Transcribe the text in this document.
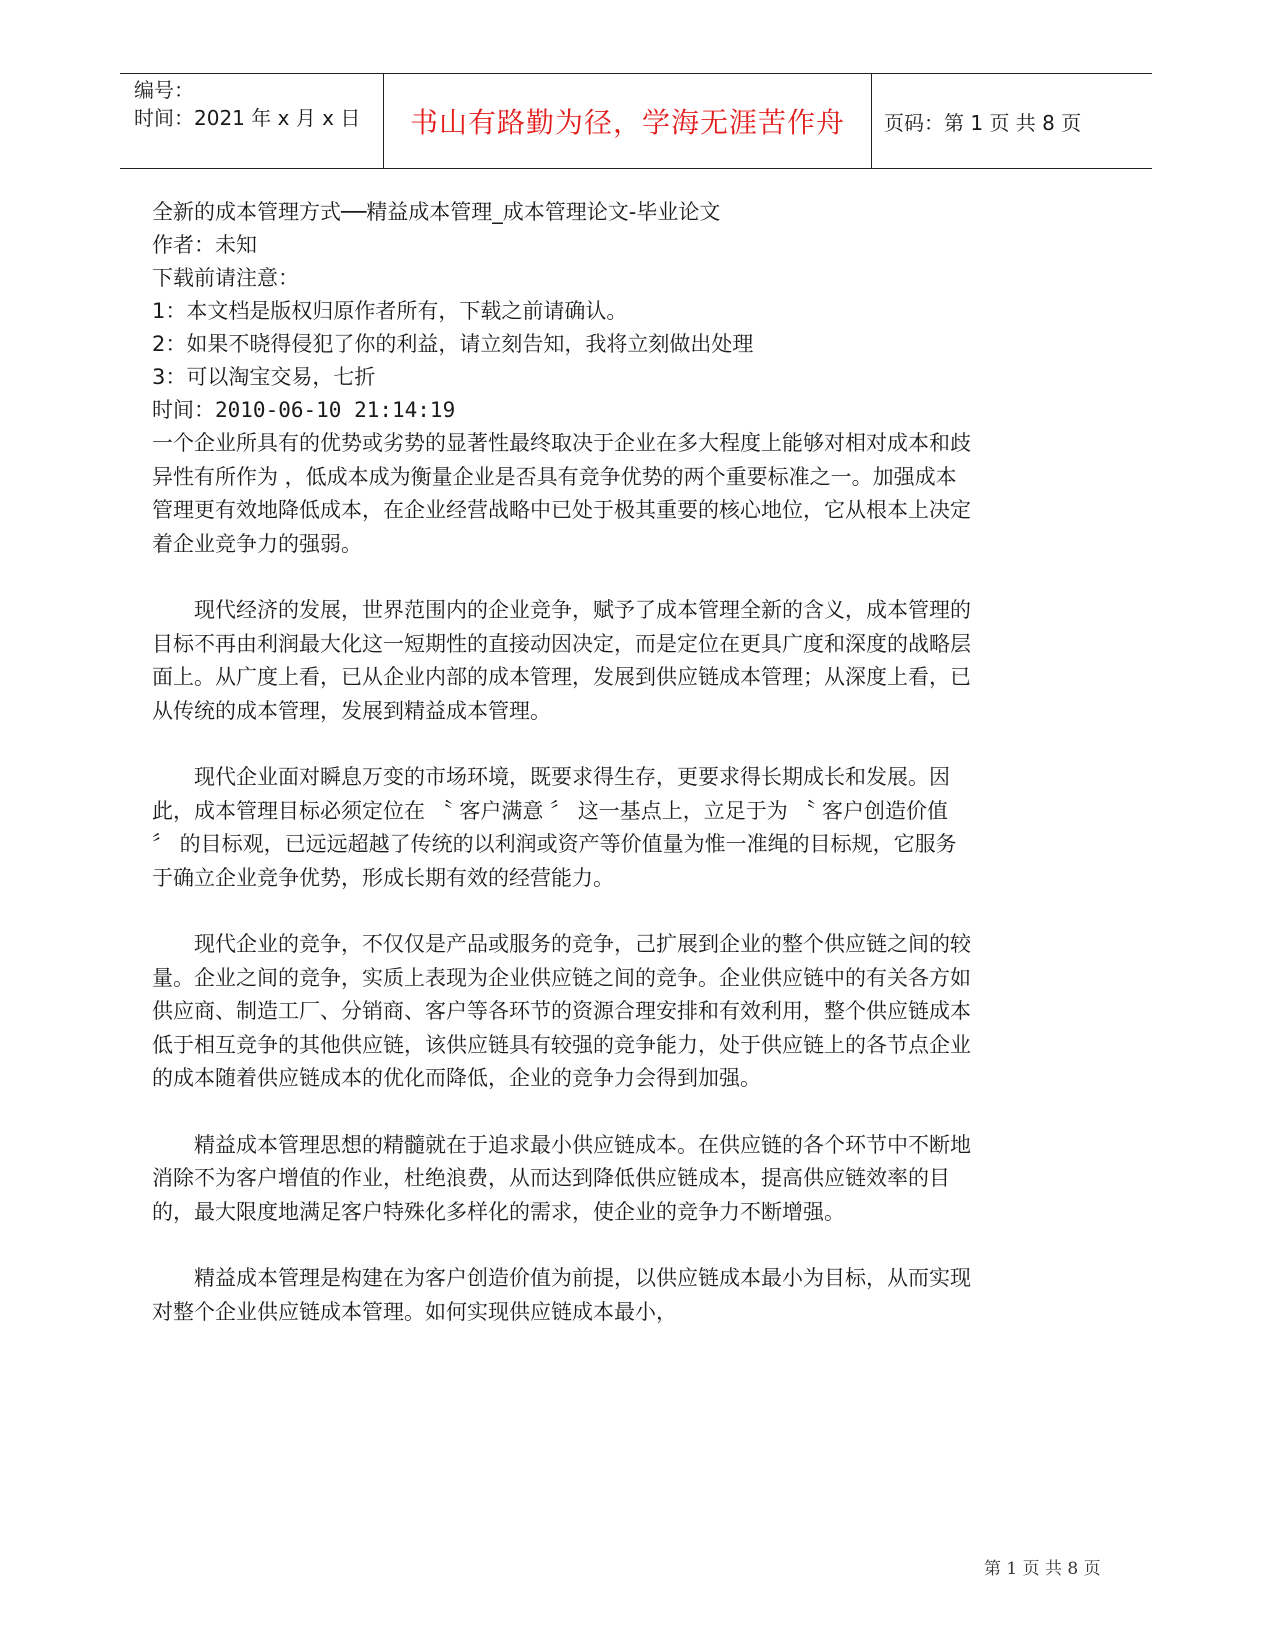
编号：
时间：2021 年 x 月 x 日	书山有路勤为径，学海无涯苦作舟 页码：第 1 页 共 8 页
全新的成本管理方式──精益成本管理_成本管理论文-毕业论文
作者：未知
下载前请注意：
1：本文档是版权归原作者所有，下载之前请确认。
2：如果不晓得侵犯了你的利益，请立刻告知，我将立刻做出处理
3：可以淘宝交易，七折
时间：2010-06-10 21:14:19

一个企业所具有的优势或劣势的显著性最终取决于企业在多大程度上能够对相对成本和歧异性有所作为 ，低成本成为衡量企业是否具有竞争优势的两个重要标准之一。加强成本管理更有效地降低成本，在企业经营战略中已处于极其重要的核心地位，它从根本上决定着企业竞争力的强弱。

现代经济的发展，世界范围内的企业竞争，赋予了成本管理全新的含义，成本管理的目标不再由利润最大化这一短期性的直接动因决定，而是定位在更具广度和深度的战略层面上。从广度上看，已从企业内部的成本管理，发展到供应链成本管理；从深度上看，已从传统的成本管理，发展到精益成本管理。

现代企业面对瞬息万变的市场环境，既要求得生存，更要求得长期成长和发展。因此，成本管理目标必须定位在 〝 客户满意 〞 这一基点上，立足于为 〝 客户创造价值 〞 的目标观，已远远超越了传统的以利润或资产等价值量为惟一准绳的目标规，它服务于确立企业竞争优势，形成长期有效的经营能力。

现代企业的竞争，不仅仅是产品或服务的竞争，己扩展到企业的整个供应链之间的较量。企业之间的竞争，实质上表现为企业供应链之间的竞争。企业供应链中的有关各方如供应商、制造工厂、分销商、客户等各环节的资源合理安排和有效利用，整个供应链成本低于相互竞争的其他供应链，该供应链具有较强的竞争能力，处于供应链上的各节点企业的成本随着供应链成本的优化而降低，企业的竞争力会得到加强。

精益成本管理思想的精髓就在于追求最小供应链成本。在供应链的各个环节中不断地消除不为客户增值的作业，杜绝浪费，从而达到降低供应链成本，提高供应链效率的目的，最大限度地满足客户特殊化多样化的需求，使企业的竞争力不断增强。

精益成本管理是构建在为客户创造价值为前提，以供应链成本最小为目标，从而实现对整个企业供应链成本管理。如何实现供应链成本最小，

第 1 页 共 8 页
